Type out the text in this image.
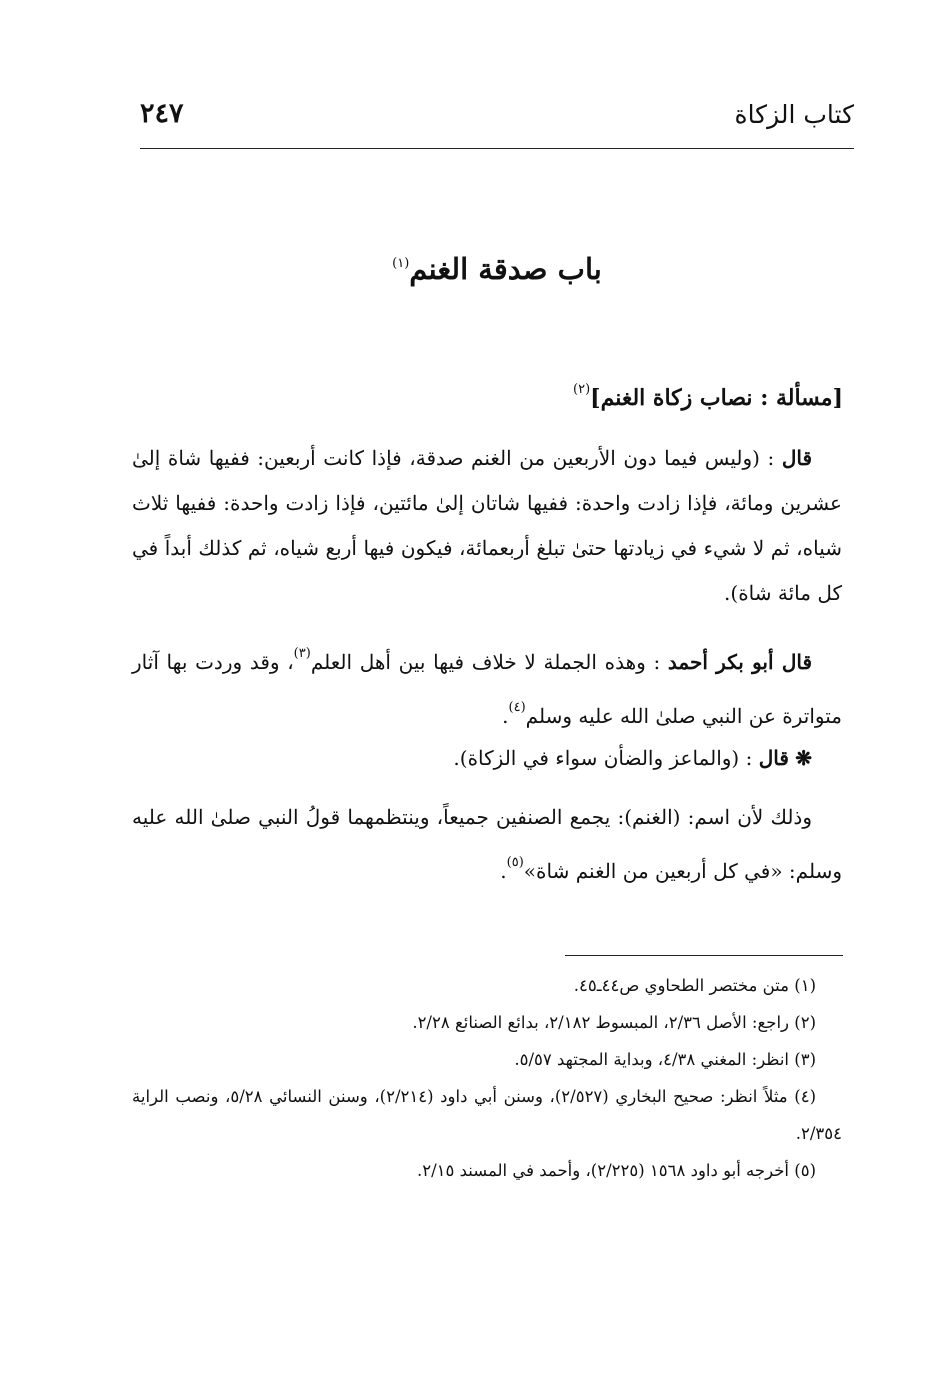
كتاب الزكاة
٢٤٧
باب صدقة الغنم$^{(١)}$
[مسألة : نصاب زكاة الغنم]$^{(٢)}$

قال : (وليس فيما دون الأربعين من الغنم صدقة، فإذا كانت أربعين: ففيها شاة إلىٰ عشرين ومائة، فإذا زادت واحدة: ففيها شاتان إلىٰ مائتين، فإذا زادت واحدة: ففيها ثلاث شياه، ثم لا شيء في زيادتها حتىٰ تبلغ أربعمائة، فيكون فيها أربع شياه، ثم كذلك أبداً في كل مائة شاة).

قال أبو بكر أحمد : وهذه الجملة لا خلاف فيها بين أهل العلم$^{(٣)}$، وقد وردت بها آثار متواترة عن النبي صلىٰ الله عليه وسلم$^{(٤)}$.

❋ قال : (والماعز والضأن سواء في الزكاة).

وذلك لأن اسم: (الغنم): يجمع الصنفين جميعاً، وينتظمهما قولُ النبي صلىٰ الله عليه وسلم: «في كل أربعين من الغنم شاة»$^{(٥)}$.

(١) متن مختصر الطحاوي ص٤٤ـ٤٥.

(٢) راجع: الأصل ٢/٣٦، المبسوط ٢/١٨٢، بدائع الصنائع ٢/٢٨.

(٣) انظر: المغني ٤/٣٨، وبداية المجتهد ٥/٥٧.

(٤) مثلاً انظر: صحيح البخاري (٢/٥٢٧)، وسنن أبي داود (٢/٢١٤)، وسنن النسائي ٥/٢٨، ونصب الراية ٢/٣٥٤.

(٥) أخرجه أبو داود ١٥٦٨ (٢/٢٢٥)، وأحمد في المسند ٢/١٥.
